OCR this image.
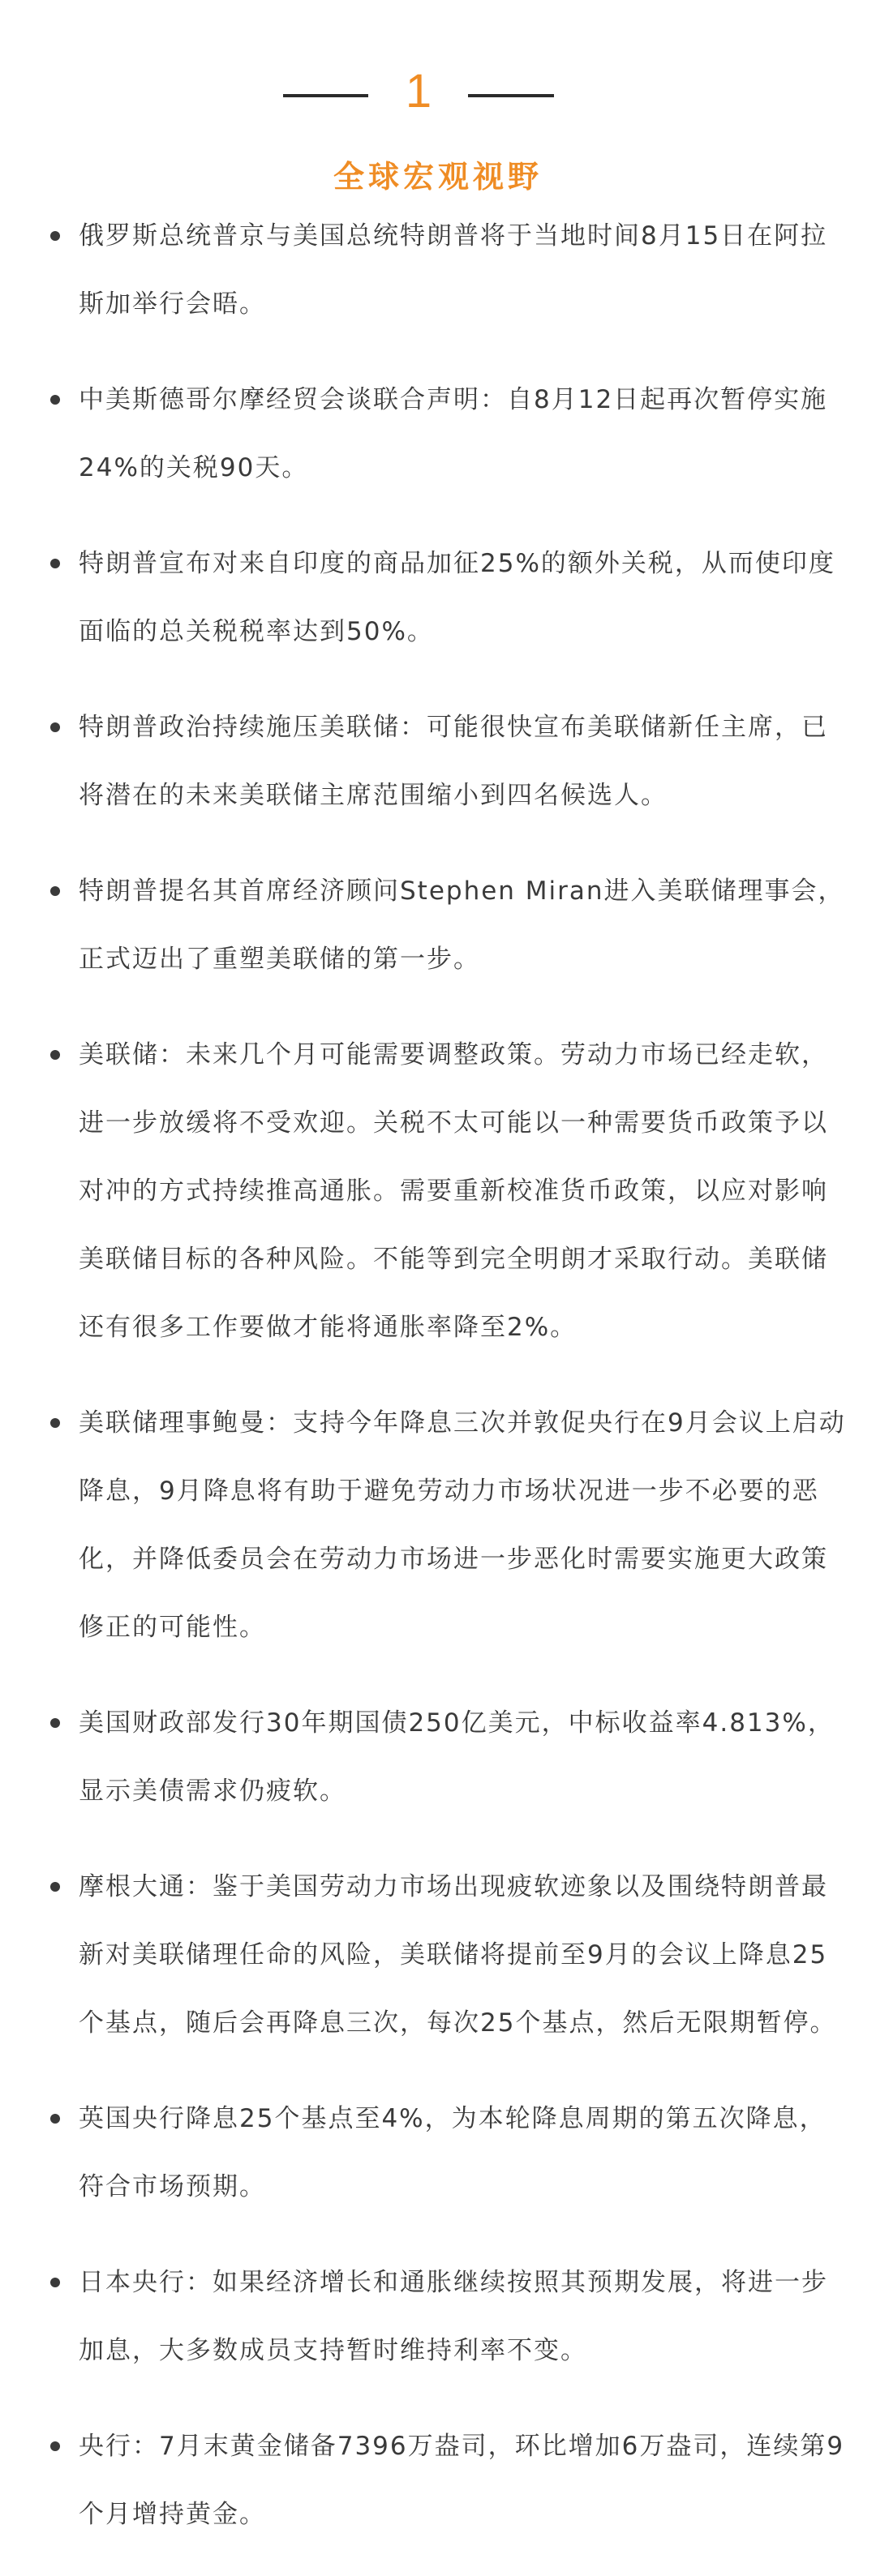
1
全球宏观视野
俄罗斯总统普京与美国总统特朗普将于当地时间8月15日在阿拉斯加举行会晤。
中美斯德哥尔摩经贸会谈联合声明：自8月12日起再次暂停实施24%的关税90天。
特朗普宣布对来自印度的商品加征25%的额外关税，从而使印度面临的总关税税率达到50%。
特朗普政治持续施压美联储：可能很快宣布美联储新任主席，已将潜在的未来美联储主席范围缩小到四名候选人。
特朗普提名其首席经济顾问Stephen Miran进入美联储理事会，正式迈出了重塑美联储的第一步。
美联储：未来几个月可能需要调整政策。劳动力市场已经走软，进一步放缓将不受欢迎。关税不太可能以一种需要货币政策予以对冲的方式持续推高通胀。需要重新校准货币政策，以应对影响美联储目标的各种风险。不能等到完全明朗才采取行动。美联储还有很多工作要做才能将通胀率降至2%。
美联储理事鲍曼：支持今年降息三次并敦促央行在9月会议上启动降息，9月降息将有助于避免劳动力市场状况进一步不必要的恶化，并降低委员会在劳动力市场进一步恶化时需要实施更大政策修正的可能性。
美国财政部发行30年期国债250亿美元，中标收益率4.813%，显示美债需求仍疲软。
摩根大通：鉴于美国劳动力市场出现疲软迹象以及围绕特朗普最新对美联储理任命的风险，美联储将提前至9月的会议上降息25个基点，随后会再降息三次，每次25个基点，然后无限期暂停。
英国央行降息25个基点至4%，为本轮降息周期的第五次降息，符合市场预期。
日本央行：如果经济增长和通胀继续按照其预期发展，将进一步加息，大多数成员支持暂时维持利率不变。
央行：7月末黄金储备7396万盎司，环比增加6万盎司，连续第9个月增持黄金。
